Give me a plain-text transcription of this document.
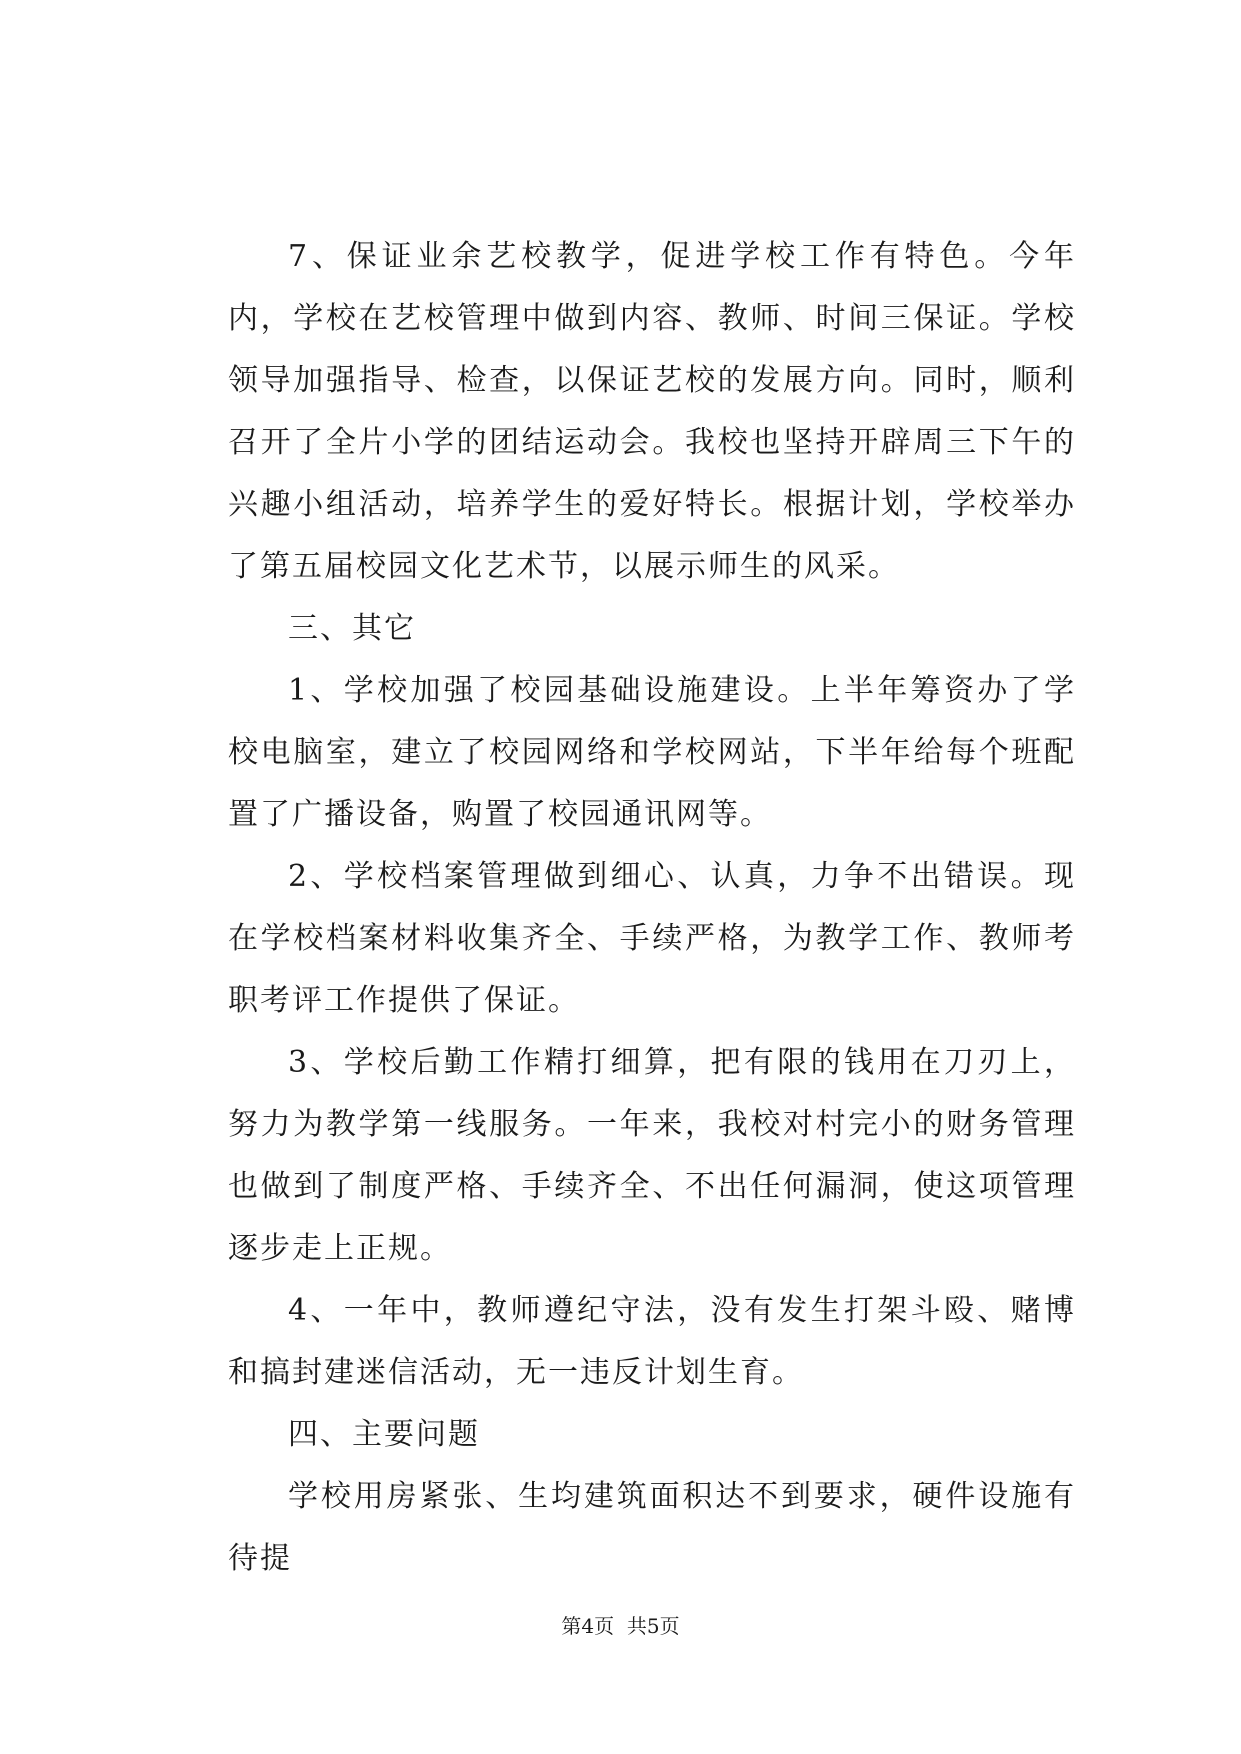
7、保证业余艺校教学，促进学校工作有特色。今年内，学校在艺校管理中做到内容、教师、时间三保证。学校领导加强指导、检查，以保证艺校的发展方向。同时，顺利召开了全片小学的团结运动会。我校也坚持开辟周三下午的兴趣小组活动，培养学生的爱好特长。根据计划，学校举办了第五届校园文化艺术节，以展示师生的风采。

三、其它

1、学校加强了校园基础设施建设。上半年筹资办了学校电脑室，建立了校园网络和学校网站，下半年给每个班配置了广播设备，购置了校园通讯网等。

2、学校档案管理做到细心、认真，力争不出错误。现在学校档案材料收集齐全、手续严格，为教学工作、教师考职考评工作提供了保证。

3、学校后勤工作精打细算，把有限的钱用在刀刃上，努力为教学第一线服务。一年来，我校对村完小的财务管理也做到了制度严格、手续齐全、不出任何漏洞，使这项管理逐步走上正规。

4、一年中，教师遵纪守法，没有发生打架斗殴、赌博和搞封建迷信活动，无一违反计划生育。

四、主要问题

学校用房紧张、生均建筑面积达不到要求，硬件设施有待提

第4页  共5页
